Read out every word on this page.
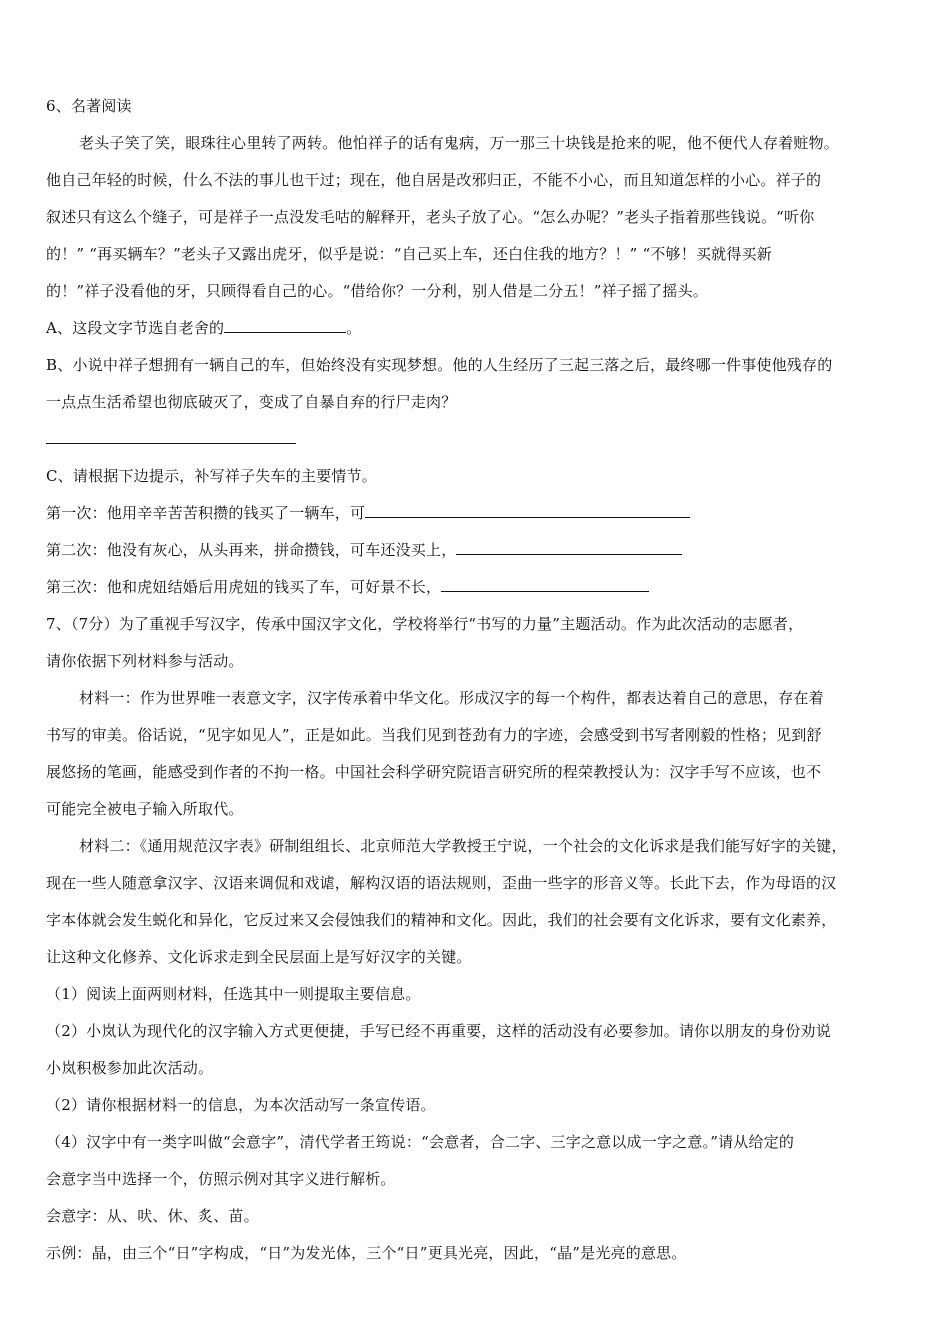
6、名著阅读
老头子笑了笑，眼珠往心里转了两转。他怕祥子的话有鬼病，万一那三十块钱是抢来的呢，他不便代人存着赃物。
他自己年轻的时候，什么不法的事儿也干过；现在，他自居是改邪归正，不能不小心，而且知道怎样的小心。祥子的
叙述只有这么个缝子，可是祥子一点没发毛咕的解释开，老头子放了心。“怎么办呢？”老头子指着那些钱说。“听你
的！” “再买辆车？”老头子又露出虎牙，似乎是说：“自己买上车，还白住我的地方？！” “不够！买就得买新
的！”祥子没看他的牙，只顾得看自己的心。“借给你？一分利，别人借是二分五！”祥子摇了摇头。
A、这段文字节选自老舍的	。
B、小说中祥子想拥有一辆自己的车，但始终没有实现梦想。他的人生经历了三起三落之后，最终哪一件事使他残存的
一点点生活希望也彻底破灭了，变成了自暴自弃的行尸走肉？
C、请根据下边提示，补写祥子失车的主要情节。
第一次：他用辛辛苦苦积攒的钱买了一辆车，可
第二次：他没有灰心，从头再来，拼命攒钱，可车还没买上，
第三次：他和虎妞结婚后用虎妞的钱买了车，可好景不长，
7、（7分）为了重视手写汉字，传承中国汉字文化，学校将举行“书写的力量”主题活动。作为此次活动的志愿者，
请你依据下列材料参与活动。
材料一：作为世界唯一表意文字，汉字传承着中华文化。形成汉字的每一个构件，都表达着自己的意思，存在着
书写的审美。俗话说，“见字如见人”，正是如此。当我们见到苍劲有力的字迹，会感受到书写者刚毅的性格；见到舒
展悠扬的笔画，能感受到作者的不拘一格。中国社会科学研究院语言研究所的程荣教授认为：汉字手写不应该，也不
可能完全被电子输入所取代。
材料二：《通用规范汉字表》研制组组长、北京师范大学教授王宁说，一个社会的文化诉求是我们能写好字的关键，
现在一些人随意拿汉字、汉语来调侃和戏谑，解构汉语的语法规则，歪曲一些字的形音义等。长此下去，作为母语的汉
字本体就会发生蜕化和异化，它反过来又会侵蚀我们的精神和文化。因此，我们的社会要有文化诉求，要有文化素养，
让这种文化修养、文化诉求走到全民层面上是写好汉字的关键。
（1）阅读上面两则材料，任选其中一则提取主要信息。
（2）小岚认为现代化的汉字输入方式更便捷，手写已经不再重要，这样的活动没有必要参加。请你以朋友的身份劝说
小岚积极参加此次活动。
（2）请你根据材料一的信息，为本次活动写一条宣传语。
（4）汉字中有一类字叫做“会意字”，清代学者王筠说：“会意者，合二字、三字之意以成一字之意。”请从给定的
会意字当中选择一个，仿照示例对其字义进行解析。
会意字：从、吠、休、炙、苗。
示例：晶，由三个“日”字构成，“日”为发光体，三个“日”更具光亮，因此，“晶”是光亮的意思。
